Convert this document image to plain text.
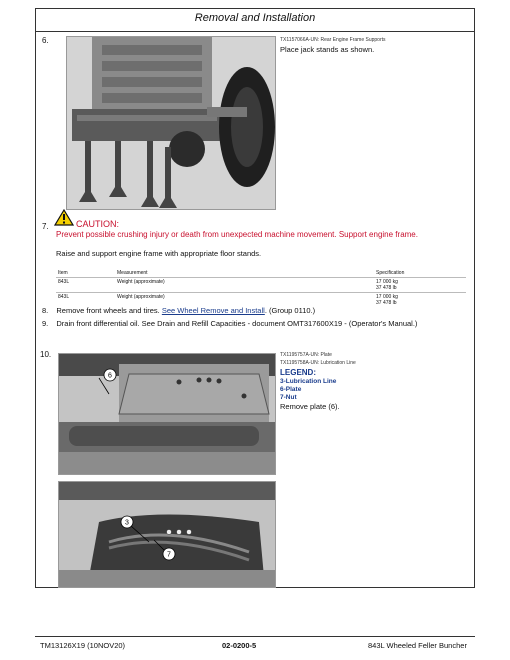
Removal and Installation
6.	TX1157066A-UN: Rear Engine Frame Supports
Place jack stands as shown.
7.	CAUTION:
Prevent possible crushing injury or death from unexpected machine movement. Support engine frame.
Raise and support engine frame with appropriate floor stands.
Item	Measurement	Specification
843L	Weight (approximate)	17 000 kg
37 478 lb
843L	Weight (approximate)	17 000 kg
37 478 lb
8. Remove front wheels and tires. See Wheel Remove and Install. (Group 0110.)
9. Drain front differential oil. See Drain and Refill Capacities - document OMT317600X19 - (Operator's Manual.)
10.
6
3
7
TX1195757A-UN: Plate
TX1195758A-UN: Lubrication Line
LEGEND:
3-Lubrication Line
6-Plate
7-Nut
Remove plate (6).
TM13126X19 (10NOV20)	02-0200-5	843L Wheeled Feller Buncher
